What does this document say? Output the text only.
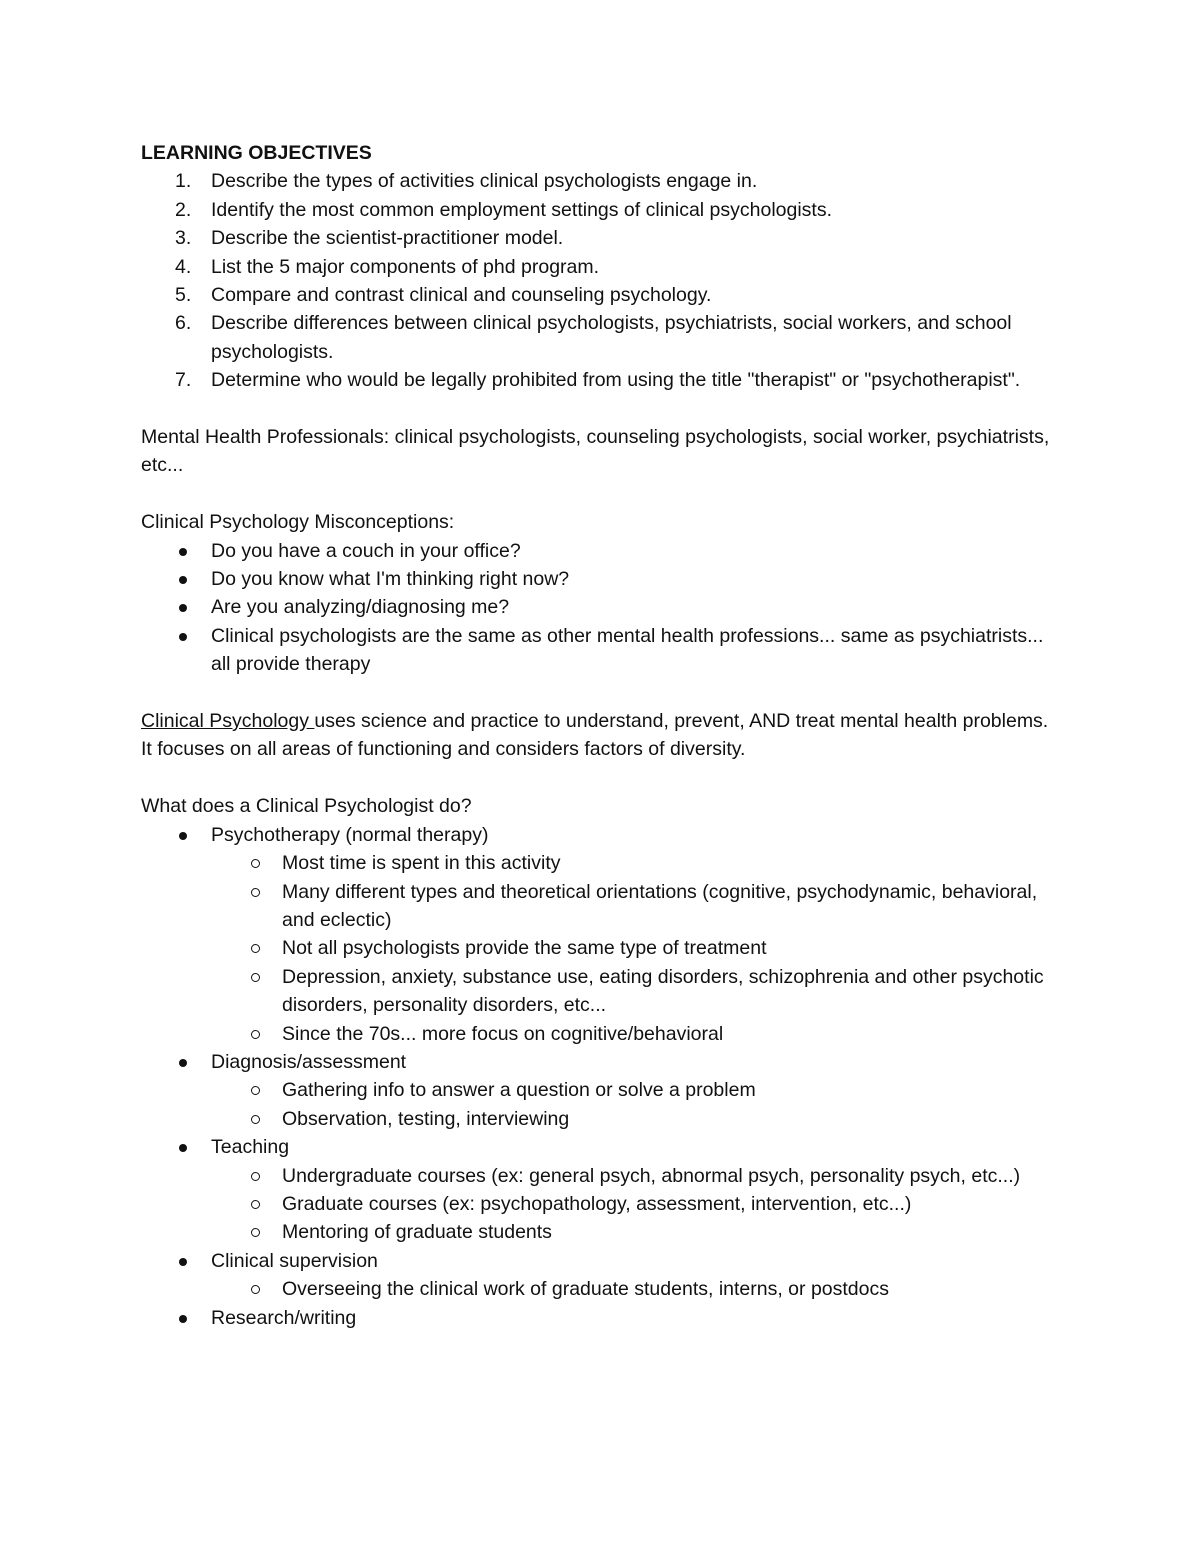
LEARNING OBJECTIVES

1.	Describe the types of activities clinical psychologists engage in.
2.	Identify the most common employment settings of clinical psychologists.
3.	Describe the scientist-practitioner model.
4.	List the 5 major components of phd program.
5.	Compare and contrast clinical and counseling psychology.
6.	Describe differences between clinical psychologists, psychiatrists, social workers, and school psychologists.
7.	Determine who would be legally prohibited from using the title "therapist" or "psychotherapist".

Mental Health Professionals: clinical psychologists, counseling psychologists, social worker, psychiatrists, etc...

Clinical Psychology Misconceptions:

Do you have a couch in your office?
Do you know what I'm thinking right now?
Are you analyzing/diagnosing me?
Clinical psychologists are the same as other mental health professions... same as psychiatrists... all provide therapy

Clinical Psychology uses science and practice to understand, prevent, AND treat mental health problems. It focuses on all areas of functioning and considers factors of diversity.

What does a Clinical Psychologist do?

Psychotherapy (normal therapy)
Most time is spent in this activity
Many different types and theoretical orientations (cognitive, psychodynamic, behavioral, and eclectic)
Not all psychologists provide the same type of treatment
Depression, anxiety, substance use, eating disorders, schizophrenia and other psychotic disorders, personality disorders, etc...
Since the 70s... more focus on cognitive/behavioral
Diagnosis/assessment
Gathering info to answer a question or solve a problem
Observation, testing, interviewing
Teaching
Undergraduate courses (ex: general psych, abnormal psych, personality psych, etc...)
Graduate courses (ex: psychopathology, assessment, intervention, etc...)
Mentoring of graduate students
Clinical supervision
Overseeing the clinical work of graduate students, interns, or postdocs
Research/writing
